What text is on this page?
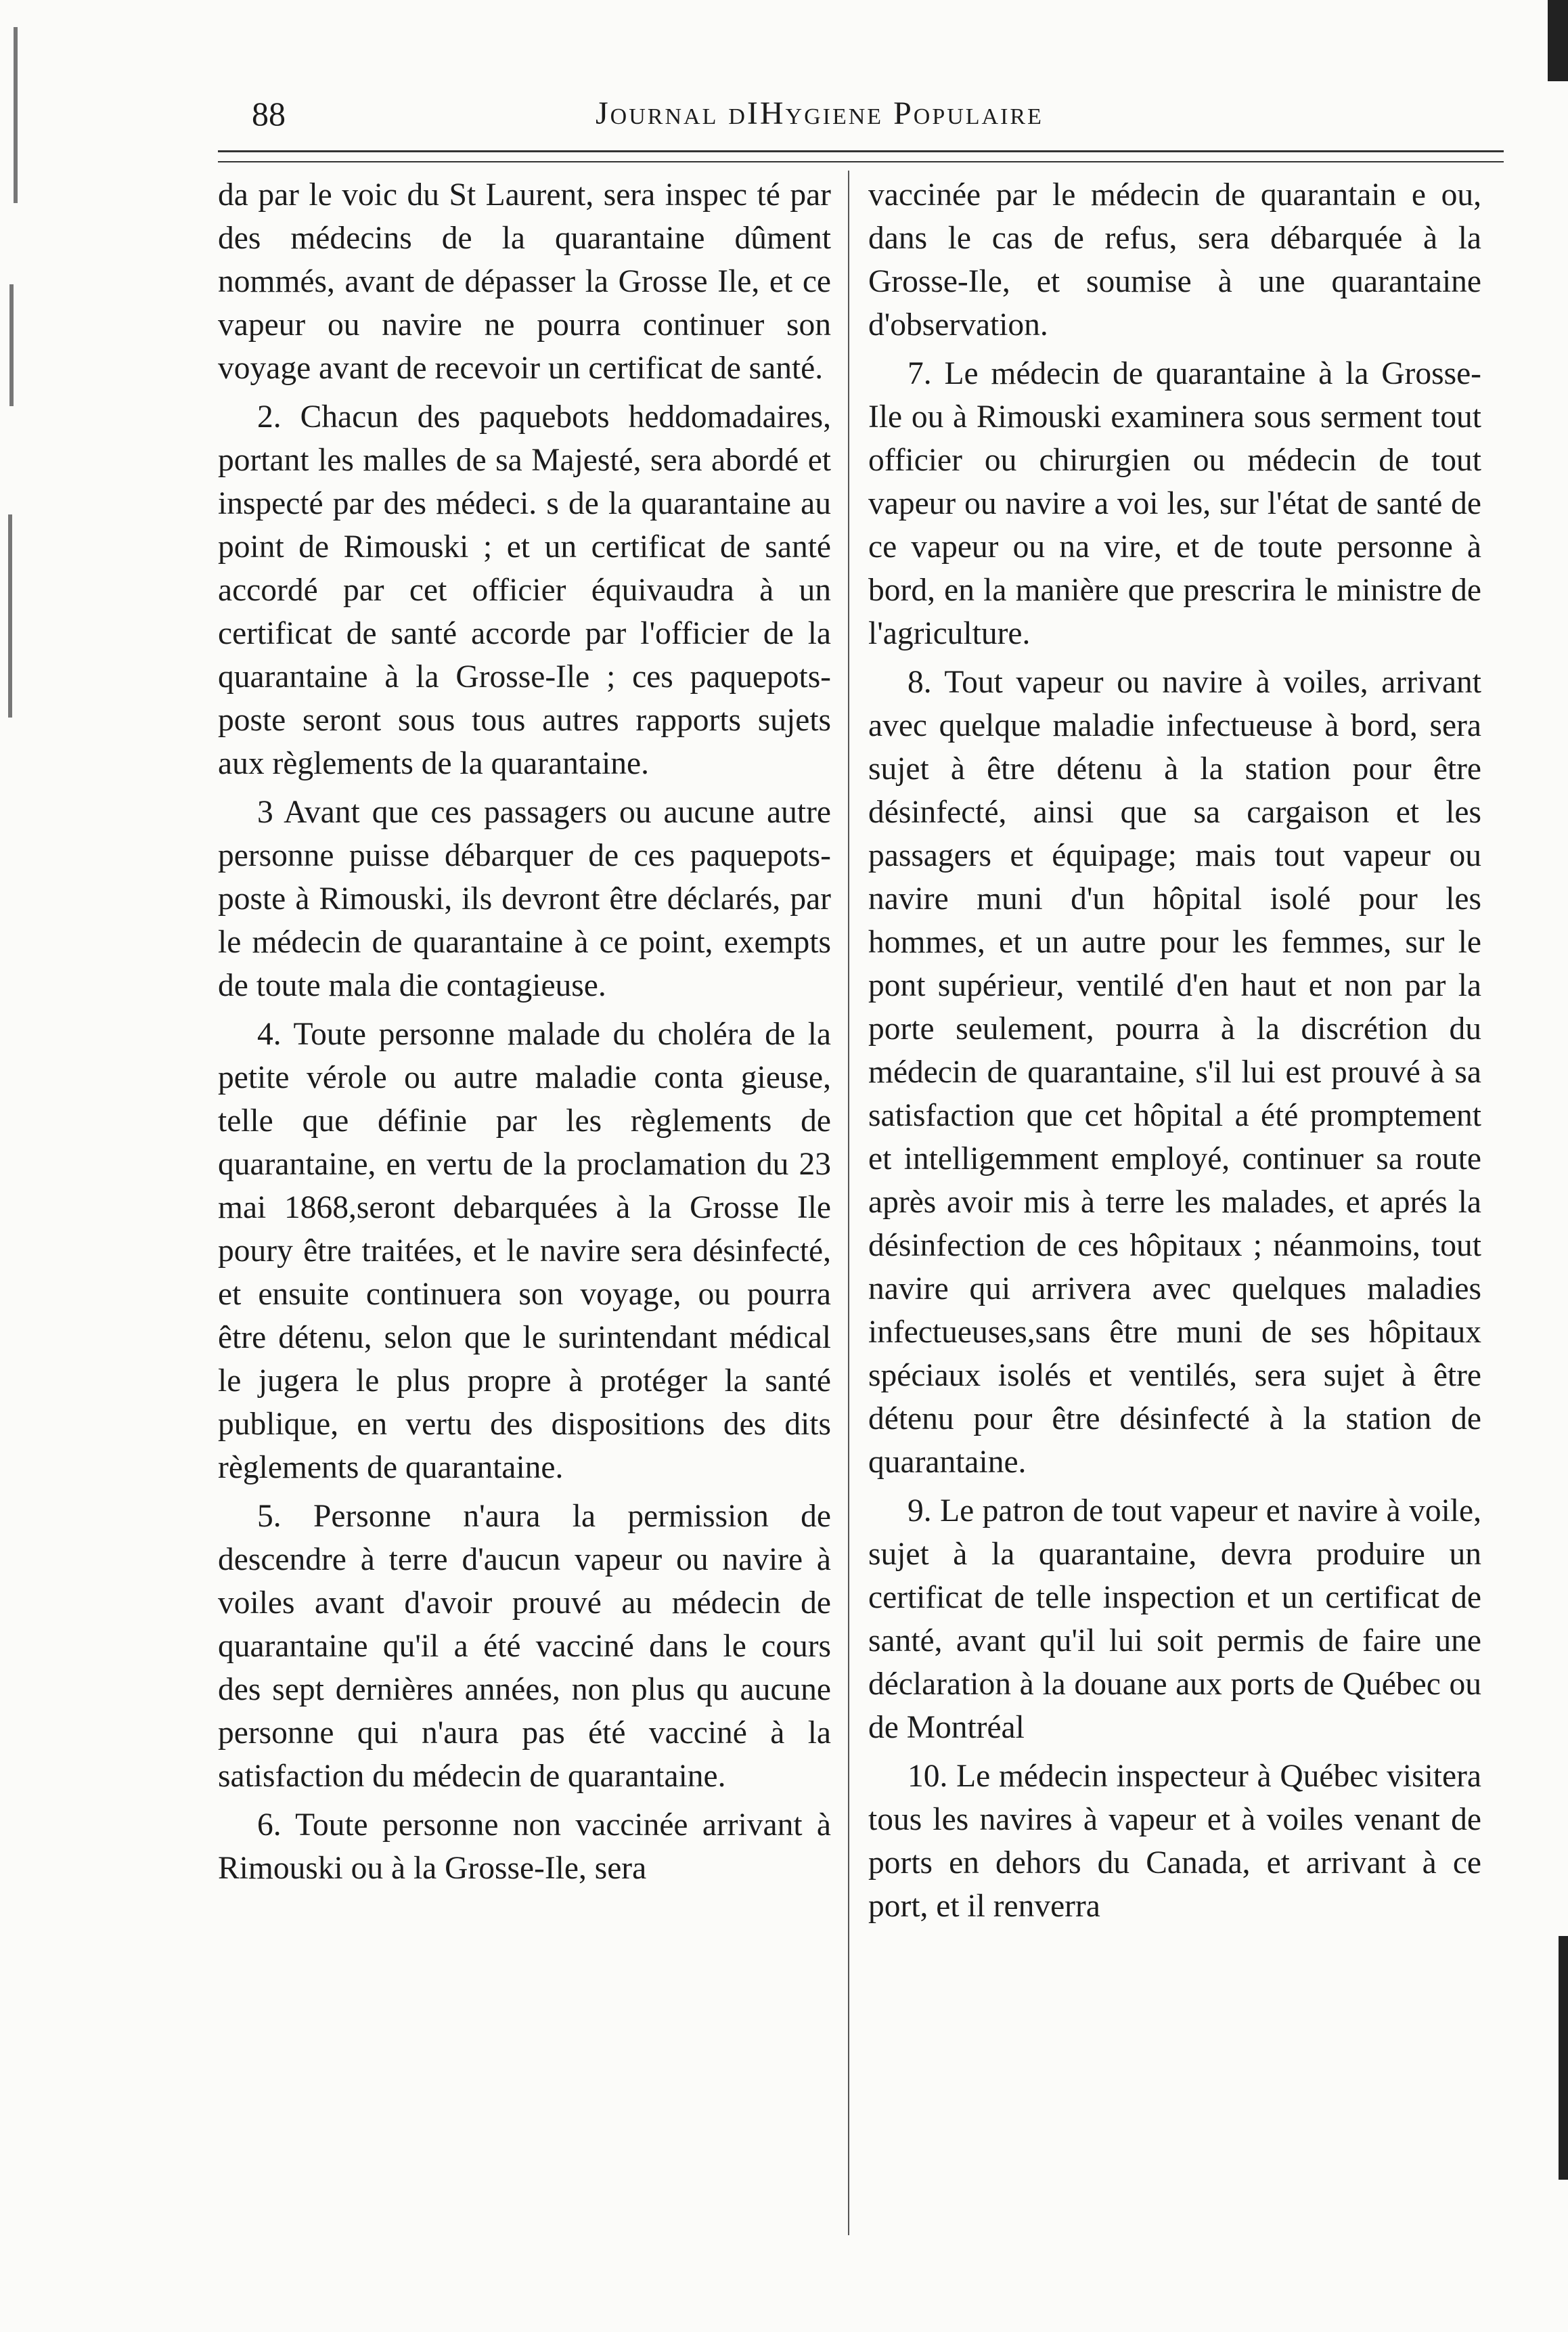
88	Journal dIHygiene Populaire

da par le voic du St Laurent, sera inspec té par des médecins de la quarantaine dûment nommés, avant de dépasser la Grosse Ile, et ce vapeur ou navire ne pourra continuer son voyage avant de recevoir un certificat de santé.

2. Chacun des paquebots heddomadaires, portant les malles de sa Majesté, sera abordé et inspecté par des médeci. s de la quarantaine au point de Rimouski ; et un certificat de santé accordé par cet officier équivaudra à un certificat de santé accorde par l'officier de la quarantaine à la Grosse-Ile ; ces paquepots-poste seront sous tous autres rapports sujets aux règlements de la quarantaine.

3 Avant que ces passagers ou aucune autre personne puisse débarquer de ces paquepots-poste à Rimouski, ils devront être déclarés, par le médecin de quarantaine à ce point, exempts de toute mala die contagieuse.

4. Toute personne malade du choléra de la petite vérole ou autre maladie conta gieuse, telle que définie par les règlements de quarantaine, en vertu de la proclamation du 23 mai 1868,seront debarquées à la Grosse Ile poury être traitées, et le navire sera désinfecté, et ensuite continuera son voyage, ou pourra être détenu, selon que le surintendant médical le jugera le plus propre à protéger la santé publique, en vertu des dispositions des dits règlements de quarantaine.

5. Personne n'aura la permission de descendre à terre d'aucun vapeur ou navire à voiles avant d'avoir prouvé au médecin de quarantaine qu'il a été vacciné dans le cours des sept dernières années, non plus qu aucune personne qui n'aura pas été vacciné à la satisfaction du médecin de quarantaine.

6. Toute personne non vaccinée arrivant à Rimouski ou à la Grosse-Ile, sera

vaccinée par le médecin de quarantain e ou, dans le cas de refus, sera débarquée à la Grosse-Ile, et soumise à une quarantaine d'observation.

7. Le médecin de quarantaine à la Grosse-Ile ou à Rimouski examinera sous serment tout officier ou chirurgien ou médecin de tout vapeur ou navire a voi les, sur l'état de santé de ce vapeur ou na vire, et de toute personne à bord, en la manière que prescrira le ministre de l'agriculture.

8. Tout vapeur ou navire à voiles, arrivant avec quelque maladie infectueuse à bord, sera sujet à être détenu à la station pour être désinfecté, ainsi que sa cargaison et les passagers et équipage; mais tout vapeur ou navire muni d'un hôpital isolé pour les hommes, et un autre pour les femmes, sur le pont supérieur, ventilé d'en haut et non par la porte seulement, pourra à la discrétion du médecin de quarantaine, s'il lui est prouvé à sa satisfaction que cet hôpital a été promptement et intelligemment employé, continuer sa route après avoir mis à terre les malades, et aprés la désinfection de ces hôpitaux ; néanmoins, tout navire qui arrivera avec quelques maladies infectueuses,sans être muni de ses hôpitaux spéciaux isolés et ventilés, sera sujet à être détenu pour être désinfecté à la station de quarantaine.

9. Le patron de tout vapeur et navire à voile, sujet à la quarantaine, devra produire un certificat de telle inspection et un certificat de santé, avant qu'il lui soit permis de faire une déclaration à la douane aux ports de Québec ou de Montréal

10. Le médecin inspecteur à Québec visitera tous les navires à vapeur et à voiles venant de ports en dehors du Canada, et arrivant à ce port, et il renverra
